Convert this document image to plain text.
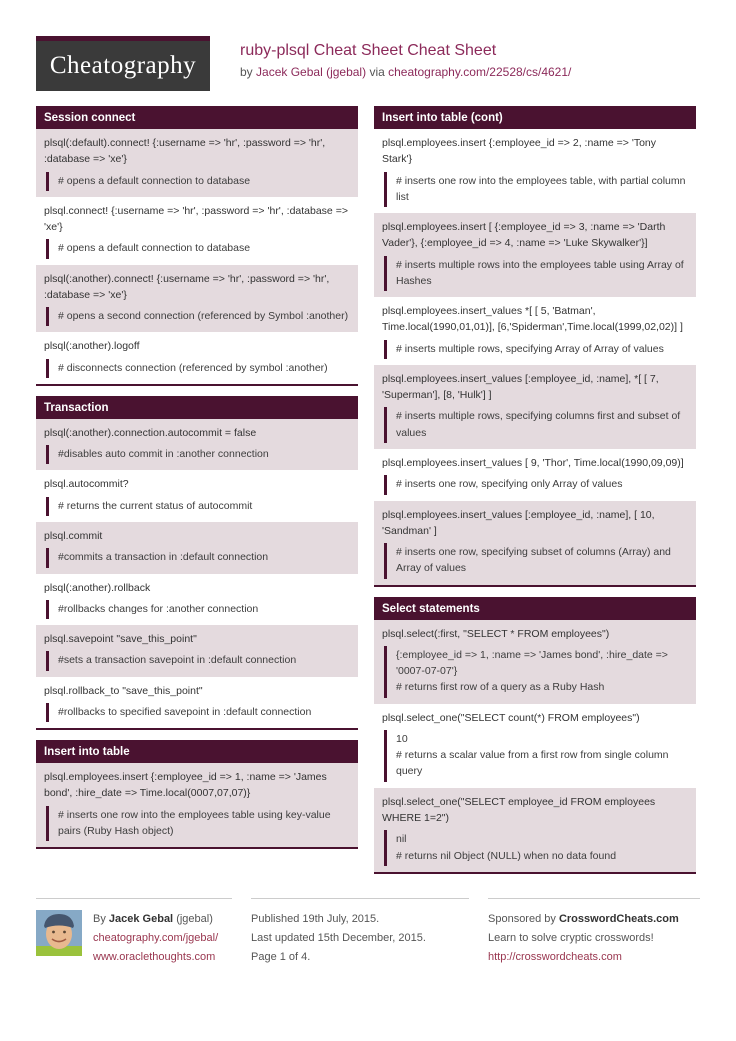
Cheatography
ruby-plsql Cheat Sheet Cheat Sheet

by Jacek Gebal (jgebal) via cheatography.com/22528/cs/4621/

Session connect
plsql(:default).connect! {:username => 'hr', :password => 'hr', :database => 'xe'}
# opens a default connection to database
plsql.connect! {:username => 'hr', :password => 'hr', :database => 'xe'}
# opens a default connection to database
plsql(:another).connect! {:username => 'hr', :password => 'hr', :database => 'xe'}
# opens a second connection (referenced by Symbol :another)
plsql(:another).logoff
# disconnects connection (referenced by symbol :another)
Transaction
plsql(:another).connection.autocommit = false
#disables auto commit in :another connection
plsql.autocommit?
# returns the current status of autocommit
plsql.commit
#commits a transaction in :default connection
plsql(:another).rollback
#rollbacks changes for :another connection
plsql.savepoint "save_this_point"
#sets a transaction savepoint in :default connection
plsql.rollback_to "save_this_point"
#rollbacks to specified savepoint in :default connection
Insert into table
plsql.employees.insert {:employee_id => 1, :name => 'James bond', :hire_date => Time.local(0007,07,07)}
# inserts one row into the employees table using key-value pairs (Ruby Hash object)
Insert into table (cont)
plsql.employees.insert {:employee_id => 2, :name => 'Tony Stark'}
# inserts one row into the employees table, with partial column list
plsql.employees.insert [ {:employee_id => 3, :name => 'Darth Vader'}, {:employee_id => 4, :name => 'Luke Skywalker'}]
# inserts multiple rows into the employees table using Array of Hashes
plsql.employees.insert_values *[ [ 5, 'Batman', Time.local(1990,01,01)], [6,'Spiderman',Time.local(1999,02,02)] ]
# inserts multiple rows, specifying Array of Array of values
plsql.employees.insert_values [:employee_id, :name], *[ [ 7, 'Superman'], [8, 'Hulk'] ]
# inserts multiple rows, specifying columns first and subset of values
plsql.employees.insert_values [ 9, 'Thor', Time.local(1990,09,09)]
# inserts one row, specifying only Array of values
plsql.employees.insert_values [:employee_id, :name], [ 10, 'Sandman' ]
# inserts one row, specifying subset of columns (Array) and Array of values
Select statements
plsql.select(:first, "SELECT * FROM employees")
{:employee_id => 1, :name => 'James bond', :hire_date => '0007-07-07'}
# returns first row of a query as a Ruby Hash
plsql.select_one("SELECT count(*) FROM employees")
10
# returns a scalar value from a first row from single column query
plsql.select_one("SELECT employee_id FROM employees WHERE 1=2")
nil
# returns nil Object (NULL) when no data found
By Jacek Gebal (jgebal)
cheatography.com/jgebal/
www.oraclethoughts.com
Published 19th July, 2015.
Last updated 15th December, 2015.
Page 1 of 4.
Sponsored by CrosswordCheats.com
Learn to solve cryptic crosswords!
http://crosswordcheats.com
